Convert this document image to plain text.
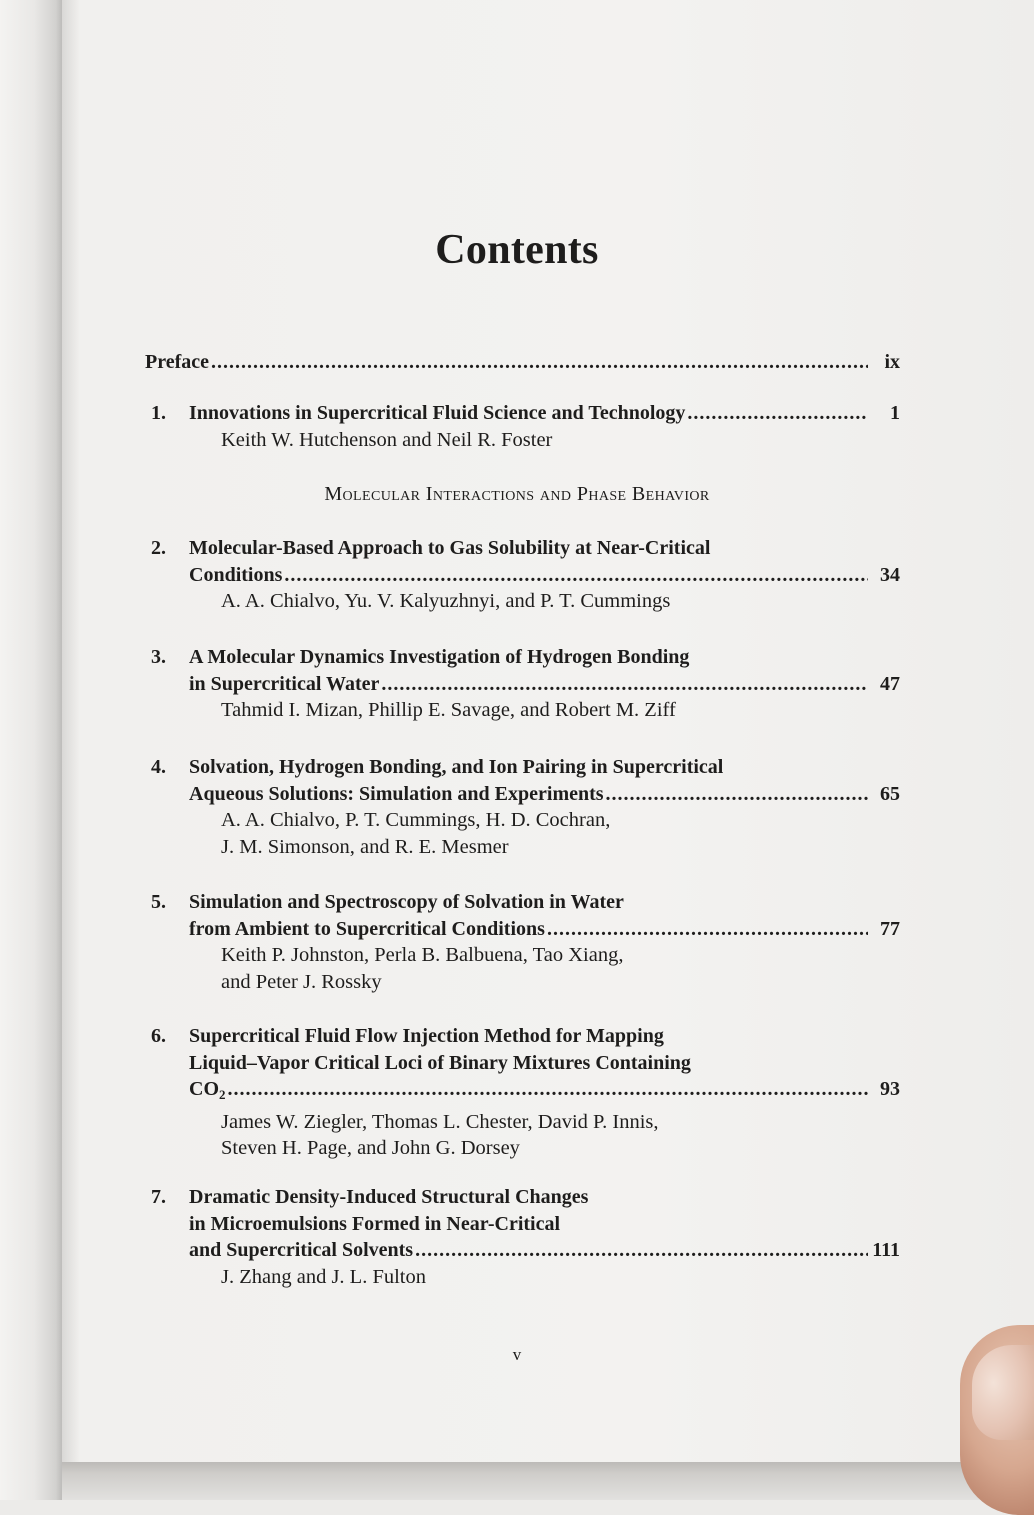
Contents
Preface .....	ix
1.	Innovations in Supercritical Fluid Science and Technology .....	1
Keith W. Hutchenson and Neil R. Foster
Molecular Interactions and Phase Behavior
2.	Molecular-Based Approach to Gas Solubility at Near-Critical
Conditions .....	34
A. A. Chialvo, Yu. V. Kalyuzhnyi, and P. T. Cummings
3.	A Molecular Dynamics Investigation of Hydrogen Bonding
in Supercritical Water .....	47
Tahmid I. Mizan, Phillip E. Savage, and Robert M. Ziff
4.	Solvation, Hydrogen Bonding, and Ion Pairing in Supercritical
Aqueous Solutions: Simulation and Experiments .....	65
A. A. Chialvo, P. T. Cummings, H. D. Cochran,
J. M. Simonson, and R. E. Mesmer
5.	Simulation and Spectroscopy of Solvation in Water
from Ambient to Supercritical Conditions .....	77
Keith P. Johnston, Perla B. Balbuena, Tao Xiang,
and Peter J. Rossky
6.	Supercritical Fluid Flow Injection Method for Mapping
Liquid–Vapor Critical Loci of Binary Mixtures Containing
$CO_2$ .....	93
James W. Ziegler, Thomas L. Chester, David P. Innis,
Steven H. Page, and John G. Dorsey
7.	Dramatic Density-Induced Structural Changes
in Microemulsions Formed in Near-Critical
and Supercritical Solvents .....	111
J. Zhang and J. L. Fulton
v
